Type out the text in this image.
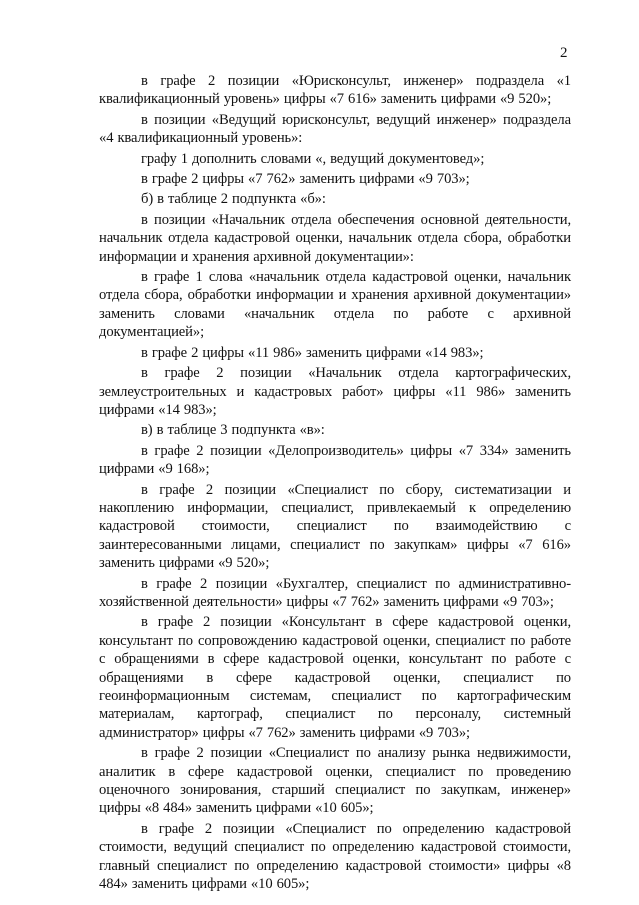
2

в графе 2 позиции «Юрисконсульт, инженер» подраздела «1 квалификационный уровень» цифры «7 616» заменить цифрами «9 520»;

в позиции «Ведущий юрисконсульт, ведущий инженер» подраздела «4 квалификационный уровень»:

графу 1 дополнить словами «, ведущий документовед»;

в графе 2 цифры «7 762» заменить цифрами «9 703»;

б) в таблице 2 подпункта «б»:

в позиции «Начальник отдела обеспечения основной деятельности, начальник отдела кадастровой оценки, начальник отдела сбора, обработки информации и хранения архивной документации»:

в графе 1 слова «начальник отдела кадастровой оценки, начальник отдела сбора, обработки информации и хранения архивной документации» заменить словами «начальник отдела по работе с архивной документацией»;

в графе 2 цифры «11 986» заменить цифрами «14 983»;

в графе 2 позиции «Начальник отдела картографических, землеустроительных и кадастровых работ» цифры «11 986» заменить цифрами «14 983»;

в) в таблице 3 подпункта «в»:

в графе 2 позиции «Делопроизводитель» цифры «7 334» заменить цифрами «9 168»;

в графе 2 позиции «Специалист по сбору, систематизации и накоплению информации, специалист, привлекаемый к определению кадастровой стоимости, специалист по взаимодействию с заинтересованными лицами, специалист по закупкам» цифры «7 616» заменить цифрами «9 520»;

в графе 2 позиции «Бухгалтер, специалист по административно-хозяйственной деятельности» цифры «7 762» заменить цифрами «9 703»;

в графе 2 позиции «Консультант в сфере кадастровой оценки, консультант по сопровождению кадастровой оценки, специалист по работе с обращениями в сфере кадастровой оценки, консультант по работе с обращениями в сфере кадастровой оценки, специалист по геоинформационным системам, специалист по картографическим материалам, картограф, специалист по персоналу, системный администратор» цифры «7 762» заменить цифрами «9 703»;

в графе 2 позиции «Специалист по анализу рынка недвижимости, аналитик в сфере кадастровой оценки, специалист по проведению оценочного зонирования, старший специалист по закупкам, инженер» цифры «8 484» заменить цифрами «10 605»;

в графе 2 позиции «Специалист по определению кадастровой стоимости, ведущий специалист по определению кадастровой стоимости, главный специалист по определению кадастровой стоимости» цифры «8 484» заменить цифрами «10 605»;
